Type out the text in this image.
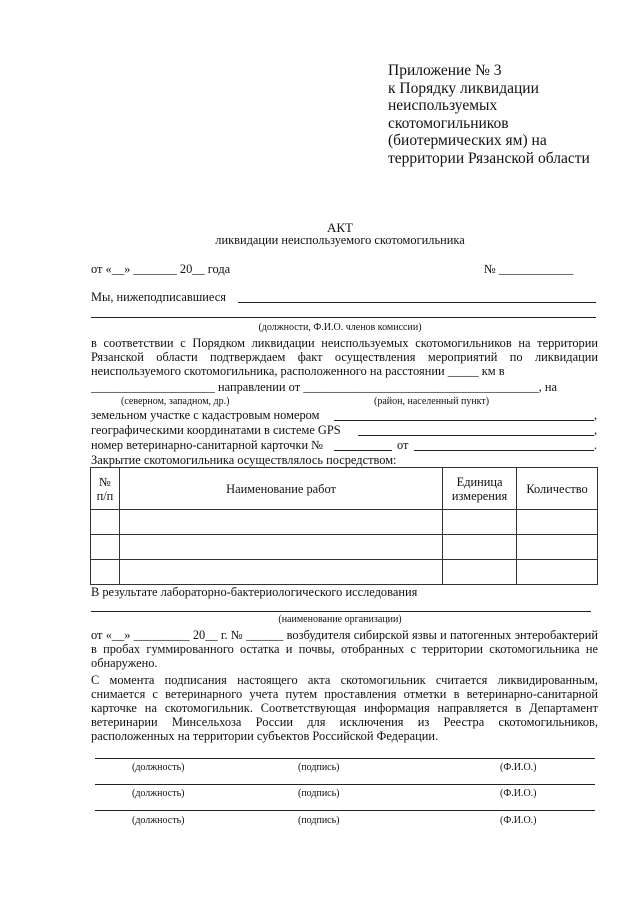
Приложение № 3
к Порядку ликвидации
неиспользуемых
скотомогильников
(биотермических ям) на
территории Рязанской области
АКТ
ликвидации неиспользуемого скотомогильника
от «__» _______ 20__ года	№ ____________
Мы, нижеподписавшиеся
(должности, Ф.И.О. членов комиссии)
в соответствии с Порядком ликвидации неиспользуемых скотомогильников на территории Рязанской области подтверждаем факт осуществления мероприятий по ликвидации неиспользуемого скотомогильника, расположенного на расстоянии _____ км в
____________________ направлении от ______________________________________, на
(северном, западном, др.)	(район, населенный пункт)
земельном участке с кадастровым номером	,
географическими координатами в системе GPS	,
номер ветеринарно-санитарной карточки №	от	.
Закрытие скотомогильника осуществлялось посредством:
№ п/п	Наименование работ	Единица измерения	Количество

В результате лабораторно-бактериологического исследования
(наименование организации)
от «__» _________ 20__ г. № ______ возбудителя сибирской язвы и патогенных энтеробактерий в пробах гуммированного остатка и почвы, отобранных с территории скотомогильника не обнаружено.
С момента подписания настоящего акта скотомогильник считается ликвидированным, снимается с ветеринарного учета путем проставления отметки в ветеринарно-санитарной карточке на скотомогильник. Соответствующая информация направляется в Департамент ветеринарии Минсельхоза России для исключения из Реестра скотомогильников, расположенных на территории субъектов Российской Федерации.
(должность)	(подпись)	(Ф.И.О.)
(должность)	(подпись)	(Ф.И.О.)
(должность)	(подпись)	(Ф.И.О.)
